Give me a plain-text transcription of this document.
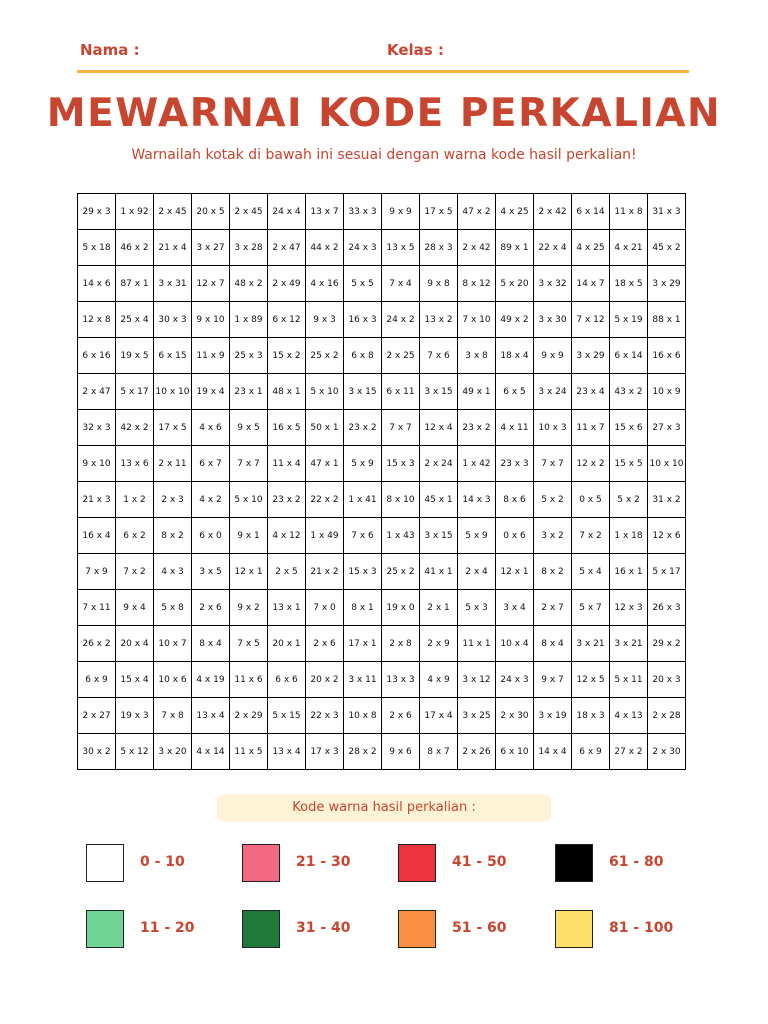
Nama :	Kelas :
MEWARNAI KODE PERKALIAN
Warnailah kotak di bawah ini sesuai dengan warna kode hasil perkalian!
29 x 3	1 x 92	2 x 45	20 x 5	2 x 45	24 x 4	13 x 7	33 x 3	9 x 9	17 x 5	47 x 2	4 x 25	2 x 42	6 x 14	11 x 8	31 x 3
5 x 18	46 x 2	21 x 4	3 x 27	3 x 28	2 x 47	44 x 2	24 x 3	13 x 5	28 x 3	2 x 42	89 x 1	22 x 4	4 x 25	4 x 21	45 x 2
14 x 6	87 x 1	3 x 31	12 x 7	48 x 2	2 x 49	4 x 16	5 x 5	7 x 4	9 x 8	8 x 12	5 x 20	3 x 32	14 x 7	18 x 5	3 x 29
12 x 8	25 x 4	30 x 3	9 x 10	1 x 89	6 x 12	9 x 3	16 x 3	24 x 2	13 x 2	7 x 10	49 x 2	3 x 30	7 x 12	5 x 19	88 x 1
6 x 16	19 x 5	6 x 15	11 x 9	25 x 3	15 x 2	25 x 2	6 x 8	2 x 25	7 x 6	3 x 8	18 x 4	9 x 9	3 x 29	6 x 14	16 x 6
2 x 47	5 x 17	10 x 10	19 x 4	23 x 1	48 x 1	5 x 10	3 x 15	6 x 11	3 x 15	49 x 1	6 x 5	3 x 24	23 x 4	43 x 2	10 x 9
32 x 3	42 x 2	17 x 5	4 x 6	9 x 5	16 x 5	50 x 1	23 x 2	7 x 7	12 x 4	23 x 2	4 x 11	10 x 3	11 x 7	15 x 6	27 x 3
9 x 10	13 x 6	2 x 11	6 x 7	7 x 7	11 x 4	47 x 1	5 x 9	15 x 3	2 x 24	1 x 42	23 x 3	7 x 7	12 x 2	15 x 5	10 x 10
21 x 3	1 x 2	2 x 3	4 x 2	5 x 10	23 x 2	22 x 2	1 x 41	8 x 10	45 x 1	14 x 3	8 x 6	5 x 2	0 x 5	5 x 2	31 x 2
16 x 4	6 x 2	8 x 2	6 x 0	9 x 1	4 x 12	1 x 49	7 x 6	1 x 43	3 x 15	5 x 9	0 x 6	3 x 2	7 x 2	1 x 18	12 x 6
7 x 9	7 x 2	4 x 3	3 x 5	12 x 1	2 x 5	21 x 2	15 x 3	25 x 2	41 x 1	2 x 4	12 x 1	8 x 2	5 x 4	16 x 1	5 x 17
7 x 11	9 x 4	5 x 8	2 x 6	9 x 2	13 x 1	7 x 0	8 x 1	19 x 0	2 x 1	5 x 3	3 x 4	2 x 7	5 x 7	12 x 3	26 x 3
26 x 2	20 x 4	10 x 7	8 x 4	7 x 5	20 x 1	2 x 6	17 x 1	2 x 8	2 x 9	11 x 1	10 x 4	8 x 4	3 x 21	3 x 21	29 x 2
6 x 9	15 x 4	10 x 6	4 x 19	11 x 6	6 x 6	20 x 2	3 x 11	13 x 3	4 x 9	3 x 12	24 x 3	9 x 7	12 x 5	5 x 11	20 x 3
2 x 27	19 x 3	7 x 8	13 x 4	2 x 29	5 x 15	22 x 3	10 x 8	2 x 6	17 x 4	3 x 25	2 x 30	3 x 19	18 x 3	4 x 13	2 x 28
30 x 2	5 x 12	3 x 20	4 x 14	11 x 5	13 x 4	17 x 3	28 x 2	9 x 6	8 x 7	2 x 26	6 x 10	14 x 4	6 x 9	27 x 2	2 x 30
Kode warna hasil perkalian :
0 - 10	21 - 30	41 - 50	61 - 80
11 - 20	31 - 40	51 - 60	81 - 100
